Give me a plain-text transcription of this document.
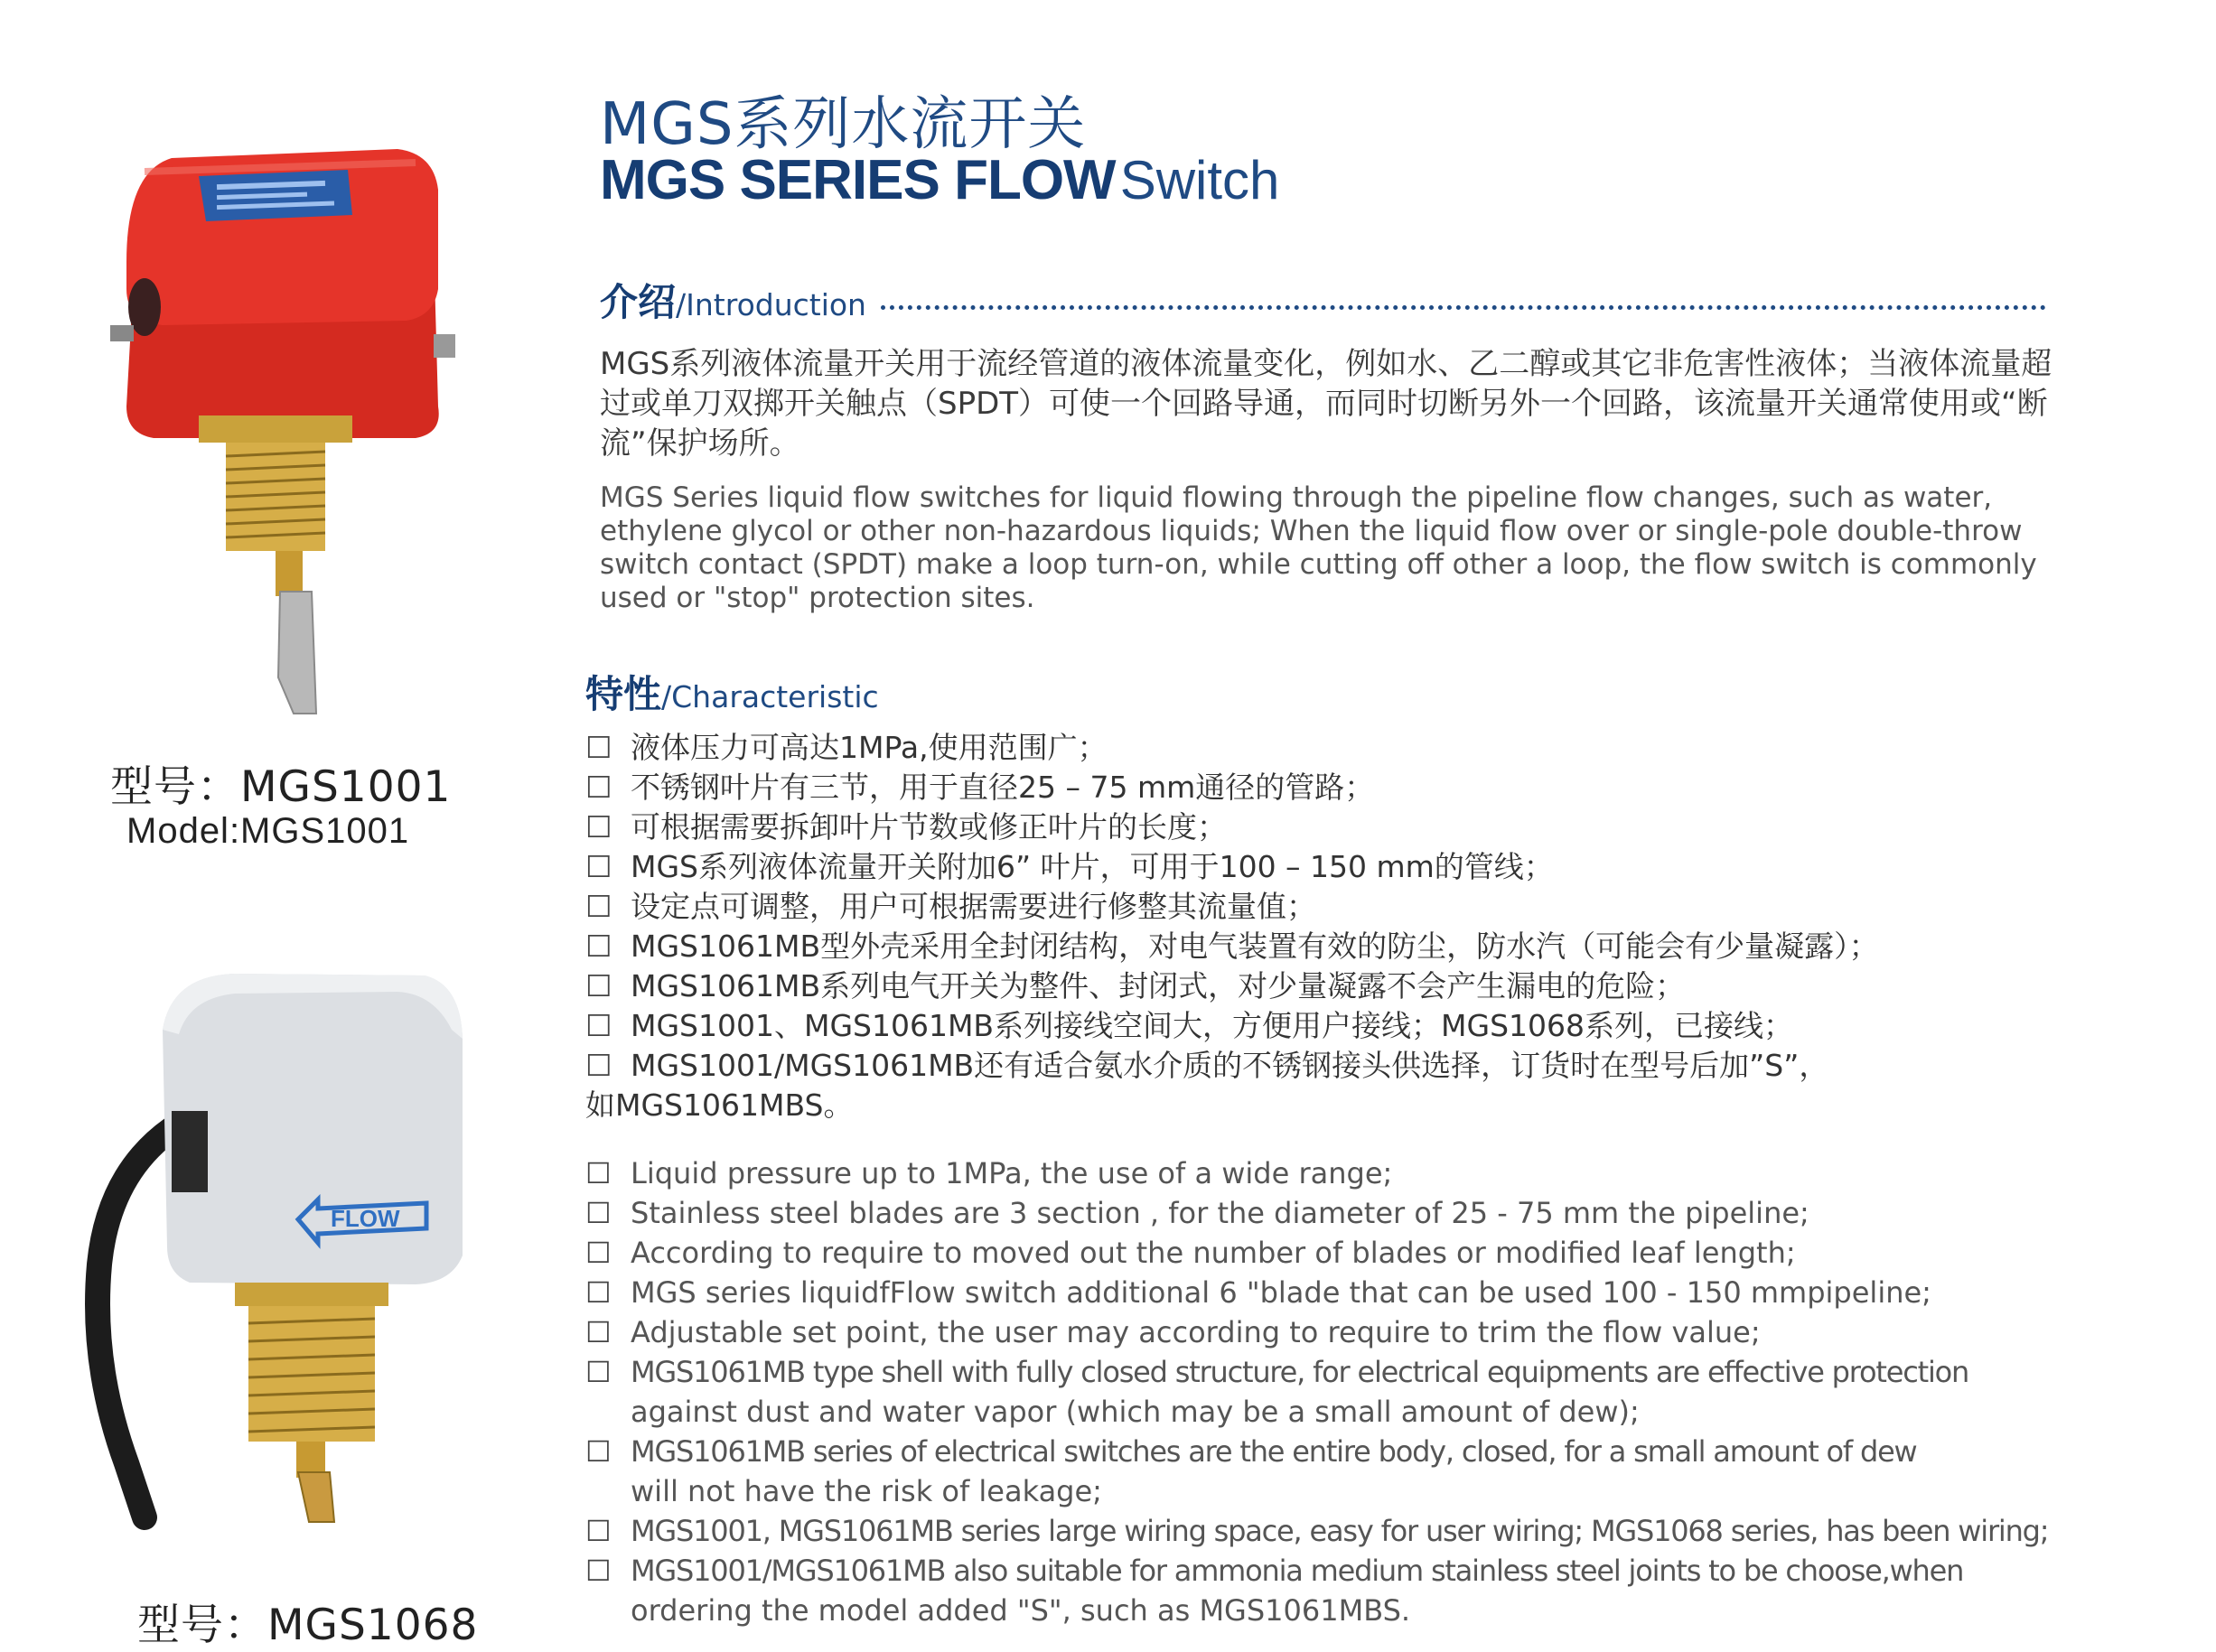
型号：MGS1001
Model:MGS1001
FLOW
型号：MGS1068
MGS系列水流开关
MGS SERIES FLOW Switch
介绍/Introduction
MGS系列液体流量开关用于流经管道的液体流量变化，例如水、乙二醇或其它非危害性液体；当液体流量超过或单刀双掷开关触点（SPDT）可使一个回路导通，而同时切断另外一个回路，该流量开关通常使用或“断流”保护场所。
MGS Series liquid flow switches for liquid flowing through the pipeline flow changes, such as water, ethylene glycol or other non-hazardous liquids; When the liquid flow over or single-pole double-throw switch contact (SPDT) make a loop turn-on, while cutting off other a loop, the flow switch is commonly used or "stop" protection sites.
特性/Characteristic
☐ 液体压力可高达1MPa,使用范围广；
☐ 不锈钢叶片有三节，用于直径25 – 75 mm通径的管路；
☐ 可根据需要拆卸叶片节数或修正叶片的长度；
☐ MGS系列液体流量开关附加6” 叶片，可用于100 – 150 mm的管线；
☐ 设定点可调整，用户可根据需要进行修整其流量值；
☐ MGS1061MB型外壳采用全封闭结构，对电气装置有效的防尘，防水汽（可能会有少量凝露）；
☐ MGS1061MB系列电气开关为整件、封闭式，对少量凝露不会产生漏电的危险；
☐ MGS1001、MGS1061MB系列接线空间大，方便用户接线；MGS1068系列，已接线；
☐ MGS1001/MGS1061MB还有适合氨水介质的不锈钢接头供选择，订货时在型号后加”S”，
如MGS1061MBS。
☐ Liquid pressure up to 1MPa, the use of a wide range;
☐ Stainless steel blades are 3 section , for the diameter of 25 - 75 mm the pipeline;
☐ According to require to moved out the number of blades or modified leaf length;
☐ MGS series liquidfFlow switch additional 6 "blade that can be used 100 - 150 mmpipeline;
☐ Adjustable set point, the user may according to require to trim the flow value;
☐ MGS1061MB type shell with fully closed structure, for electrical equipments are effective protection
against dust and water vapor (which may be a small amount of dew);
☐ MGS1061MB series of electrical switches are the entire body, closed, for a small amount of dew
will not have the risk of leakage;
☐ MGS1001, MGS1061MB series large wiring space, easy for user wiring; MGS1068 series, has been wiring;
☐ MGS1001/MGS1061MB also suitable for ammonia medium stainless steel joints to be choose,when
ordering the model added "S", such as MGS1061MBS.
